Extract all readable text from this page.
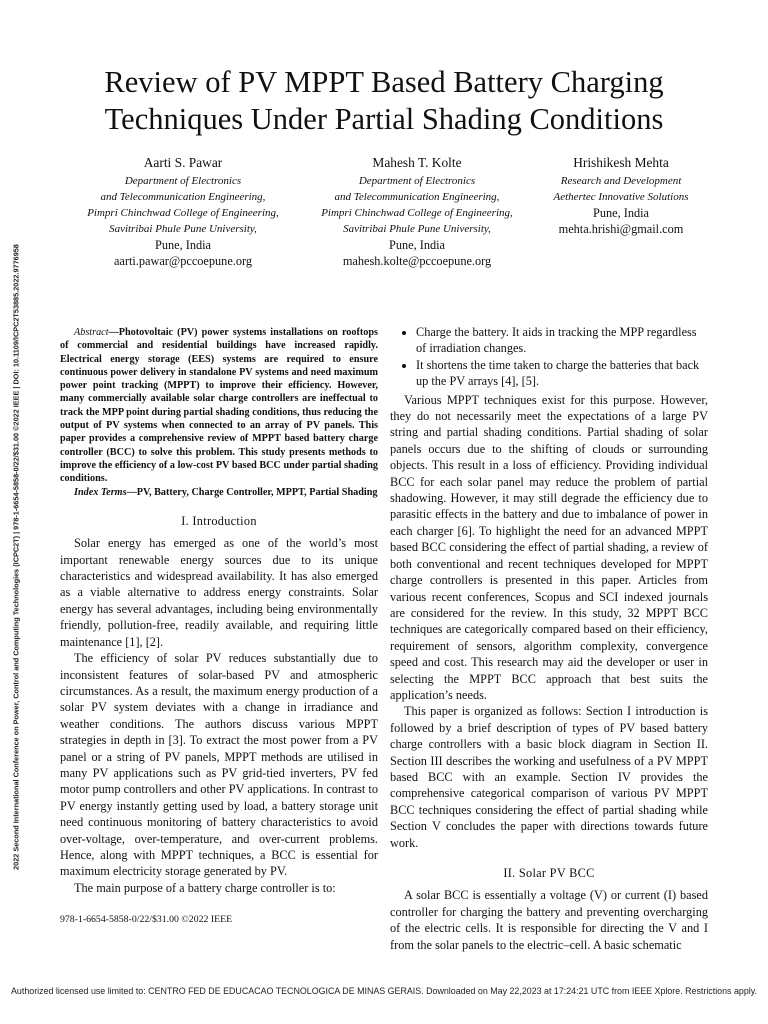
Review of PV MPPT Based Battery Charging
Techniques Under Partial Shading Conditions
Aarti S. Pawar
Department of Electronics
and Telecommunication Engineering,
Pimpri Chinchwad College of Engineering,
Savitribai Phule Pune University,
Pune, India
aarti.pawar@pccoepune.org
Mahesh T. Kolte
Department of Electronics
and Telecommunication Engineering,
Pimpri Chinchwad College of Engineering,
Savitribai Phule Pune University,
Pune, India
mahesh.kolte@pccoepune.org
Hrishikesh Mehta
Research and Development
Aethertec Innovative Solutions
Pune, India
mehta.hrishi@gmail.com
2022 Second International Conference on Power, Control and Computing Technologies (ICPC2T) | 978-1-6654-5858-0/22/$31.00 ©2022 IEEE | DOI: 10.1109/ICPC2T53885.2022.9776958	Abstract—Photovoltaic (PV) power systems installations on rooftops of commercial and residential buildings have increased rapidly. Electrical energy storage (EES) systems are required to ensure continuous power delivery in standalone PV systems and need maximum power point tracking (MPPT) to improve their efficiency. However, many commercially available solar charge controllers are ineffectual to track the MPP point during partial shading conditions, thus reducing the output of PV systems when connected to an array of PV panels. This paper provides a comprehensive review of MPPT based battery charge controller (BCC) to solve this problem. This study presents methods to improve the efficiency of a low-cost PV based BCC under partial shading conditions.

Index Terms—PV, Battery, Charge Controller, MPPT, Partial Shading

I. Introduction

Solar energy has emerged as one of the world’s most important renewable energy sources due to its unique characteristics and widespread availability. It has also emerged as a viable alternative to address energy constraints. Solar energy has several advantages, including being environmentally friendly, pollution-free, readily available, and requiring little maintenance [1], [2].

The efficiency of solar PV reduces substantially due to inconsistent features of solar-based PV and atmospheric circumstances. As a result, the maximum energy production of a solar PV system deviates with a change in irradiance and weather conditions. The authors discuss various MPPT strategies in depth in [3]. To extract the most power from a PV panel or a string of PV panels, MPPT methods are utilised in many PV applications such as PV grid-tied inverters, PV fed motor pump controllers and other PV applications. In contrast to PV energy instantly getting used by load, a battery storage unit need continuous monitoring of battery characteristics to avoid over-voltage, over-temperature, and over-current problems. Hence, along with MPPT techniques, a BCC is essential for maximum electricity storage generated by PV.

The main purpose of a battery charge controller is to:

• Charge the battery. It aids in tracking the MPP regardless of irradiation changes.
• It shortens the time taken to charge the batteries that back up the PV arrays [4], [5].

Various MPPT techniques exist for this purpose. However, they do not necessarily meet the expectations of a large PV string and partial shading conditions. Partial shading of solar panels occurs due to the shifting of clouds or surrounding objects. This result in a loss of efficiency. Providing individual BCC for each solar panel may reduce the problem of partial shadowing. However, it may still degrade the efficiency due to parasitic effects in the battery and due to imbalance of power in each charger [6]. To highlight the need for an advanced MPPT based BCC considering the effect of partial shading, a review of both conventional and recent techniques developed for MPPT charge controllers is presented in this paper. Articles from various recent conferences, Scopus and SCI indexed journals are considered for the review. In this study, 32 MPPT BCC techniques are categorically compared based on their efficiency, requirement of sensors, algorithm complexity, convergence speed and cost. This research may aid the developer or user in selecting the MPPT BCC approach that best suits the application’s needs.

This paper is organized as follows: Section I introduction is followed by a brief description of types of PV based battery charge controllers with a basic block diagram in Section II. Section III describes the working and usefulness of a PV MPPT based BCC with an example. Section IV provides the comprehensive categorical comparison of various PV MPPT BCC techniques considering the effect of partial shading while Section V concludes the paper with directions towards future work.

II. Solar PV BCC

A solar BCC is essentially a voltage (V) or current (I) based controller for charging the battery and preventing overcharging of the electric cells. It is responsible for directing the V and I from the solar panels to the electric–cell. A basic schematic

978-1-6654-5858-0/22/$31.00 ©2022 IEEE
Authorized licensed use limited to: CENTRO FED DE EDUCACAO TECNOLOGICA DE MINAS GERAIS. Downloaded on May 22,2023 at 17:24:21 UTC from IEEE Xplore. Restrictions apply.
